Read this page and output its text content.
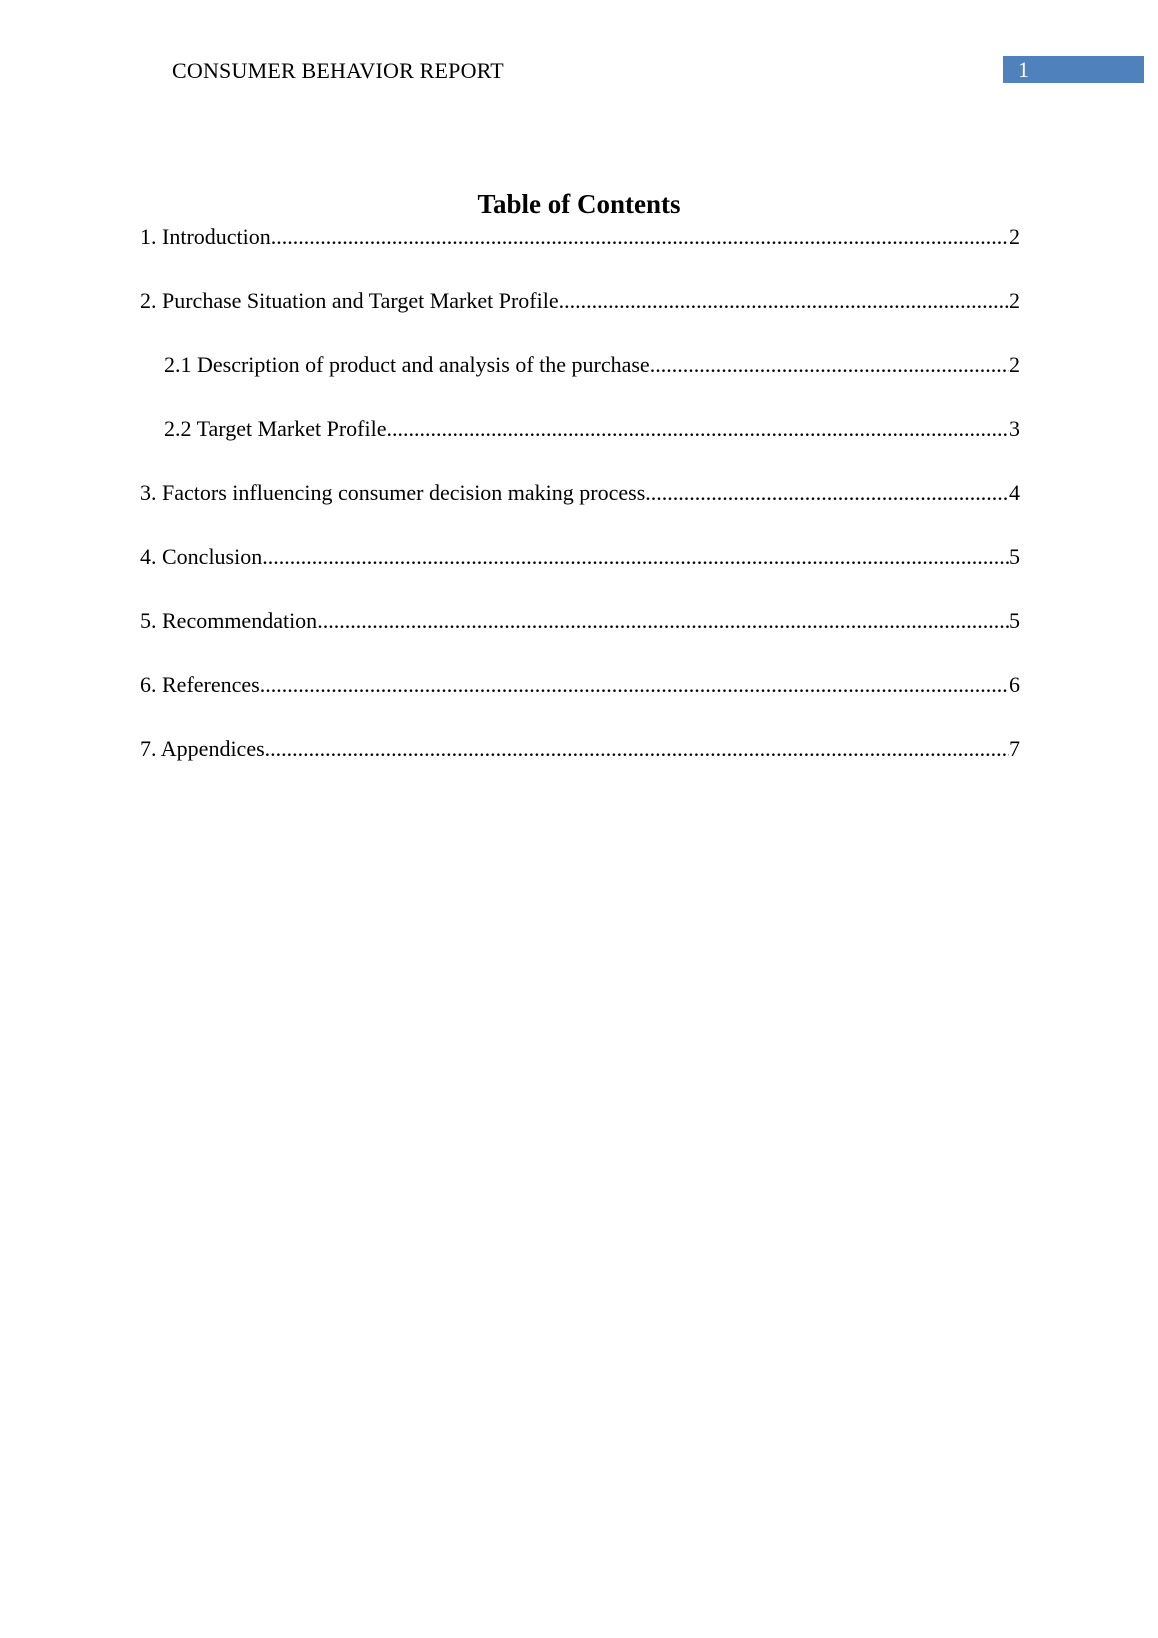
CONSUMER BEHAVIOR REPORT	1
Table of Contents
1. Introduction .....	2
2. Purchase Situation and Target Market Profile .....	2
2.1 Description of product and analysis of the purchase .....	2
2.2 Target Market Profile .....	3
3. Factors influencing consumer decision making process .....	4
4. Conclusion .....	5
5. Recommendation .....	5
6. References .....	6
7. Appendices .....	7
